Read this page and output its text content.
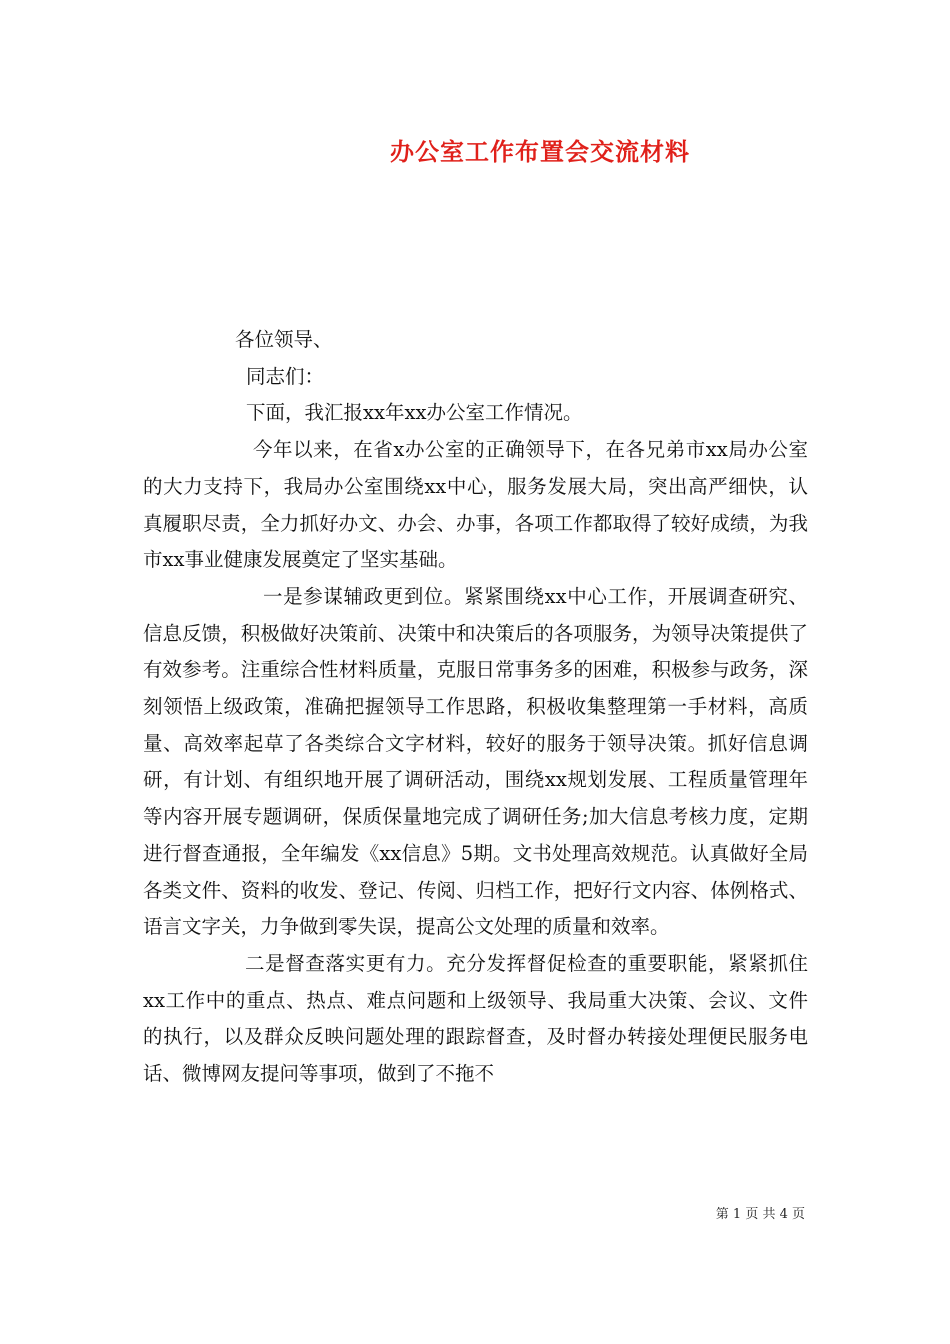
办公室工作布置会交流材料

各位领导、

同志们：

下面，我汇报xx年xx办公室工作情况。

今年以来，在省x办公室的正确领导下，在各兄弟市xx局办公室的大力支持下，我局办公室围绕xx中心，服务发展大局，突出高严细快，认真履职尽责，全力抓好办文、办会、办事，各项工作都取得了较好成绩，为我市xx事业健康发展奠定了坚实基础。

一是参谋辅政更到位。紧紧围绕xx中心工作，开展调查研究、信息反馈，积极做好决策前、决策中和决策后的各项服务，为领导决策提供了有效参考。注重综合性材料质量，克服日常事务多的困难，积极参与政务，深刻领悟上级政策，准确把握领导工作思路，积极收集整理第一手材料，高质量、高效率起草了各类综合文字材料，较好的服务于领导决策。抓好信息调研，有计划、有组织地开展了调研活动，围绕xx规划发展、工程质量管理年等内容开展专题调研，保质保量地完成了调研任务;加大信息考核力度，定期进行督查通报，全年编发《xx信息》5期。文书处理高效规范。认真做好全局各类文件、资料的收发、登记、传阅、归档工作，把好行文内容、体例格式、语言文字关，力争做到零失误，提高公文处理的质量和效率。

二是督查落实更有力。充分发挥督促检查的重要职能，紧紧抓住xx工作中的重点、热点、难点问题和上级领导、我局重大决策、会议、文件的执行，以及群众反映问题处理的跟踪督查，及时督办转接处理便民服务电话、微博网友提问等事项，做到了不拖不

第 1 页 共 4 页
